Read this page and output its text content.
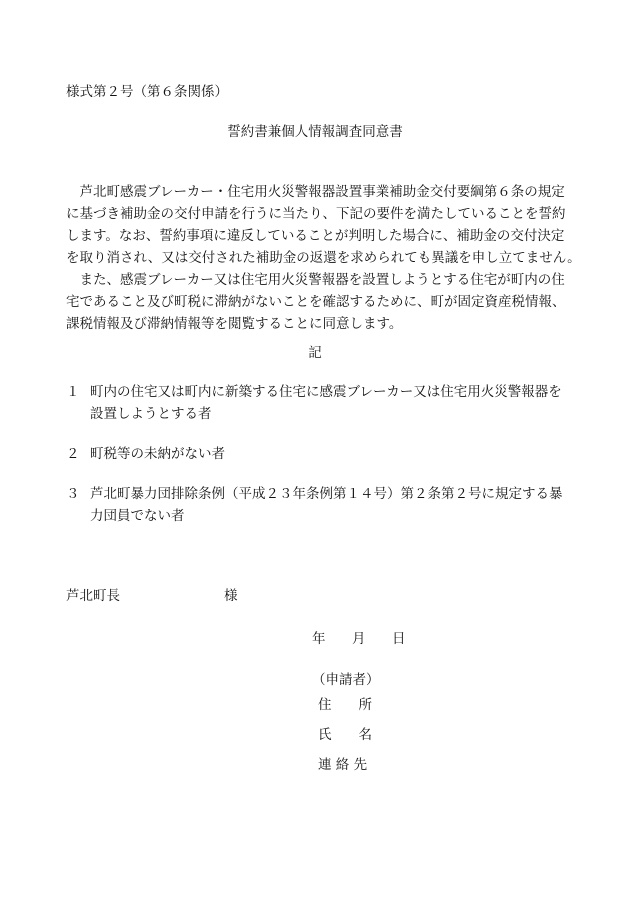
様式第２号（第６条関係）
誓約書兼個人情報調査同意書
　芦北町感震ブレーカー・住宅用火災警報器設置事業補助金交付要綱第６条の規定
に基づき補助金の交付申請を行うに当たり、下記の要件を満たしていることを誓約
します。なお、誓約事項に違反していることが判明した場合に、補助金の交付決定
を取り消され、又は交付された補助金の返還を求められても異議を申し立てません。
　また、感震ブレーカー又は住宅用火災警報器を設置しようとする住宅が町内の住
宅であること及び町税に滞納がないことを確認するために、町が固定資産税情報、
課税情報及び滞納情報等を閲覧することに同意します。
記
１ 町内の住宅又は町内に新築する住宅に感震ブレーカー又は住宅用火災警報器を
設置しようとする者
２ 町税等の未納がない者
３ 芦北町暴力団排除条例（平成２３年条例第１４号）第２条第２号に規定する暴
力団員でない者
芦北町長	様
年 月 日
（申請者）
住　　所
氏　　名
連 絡 先
